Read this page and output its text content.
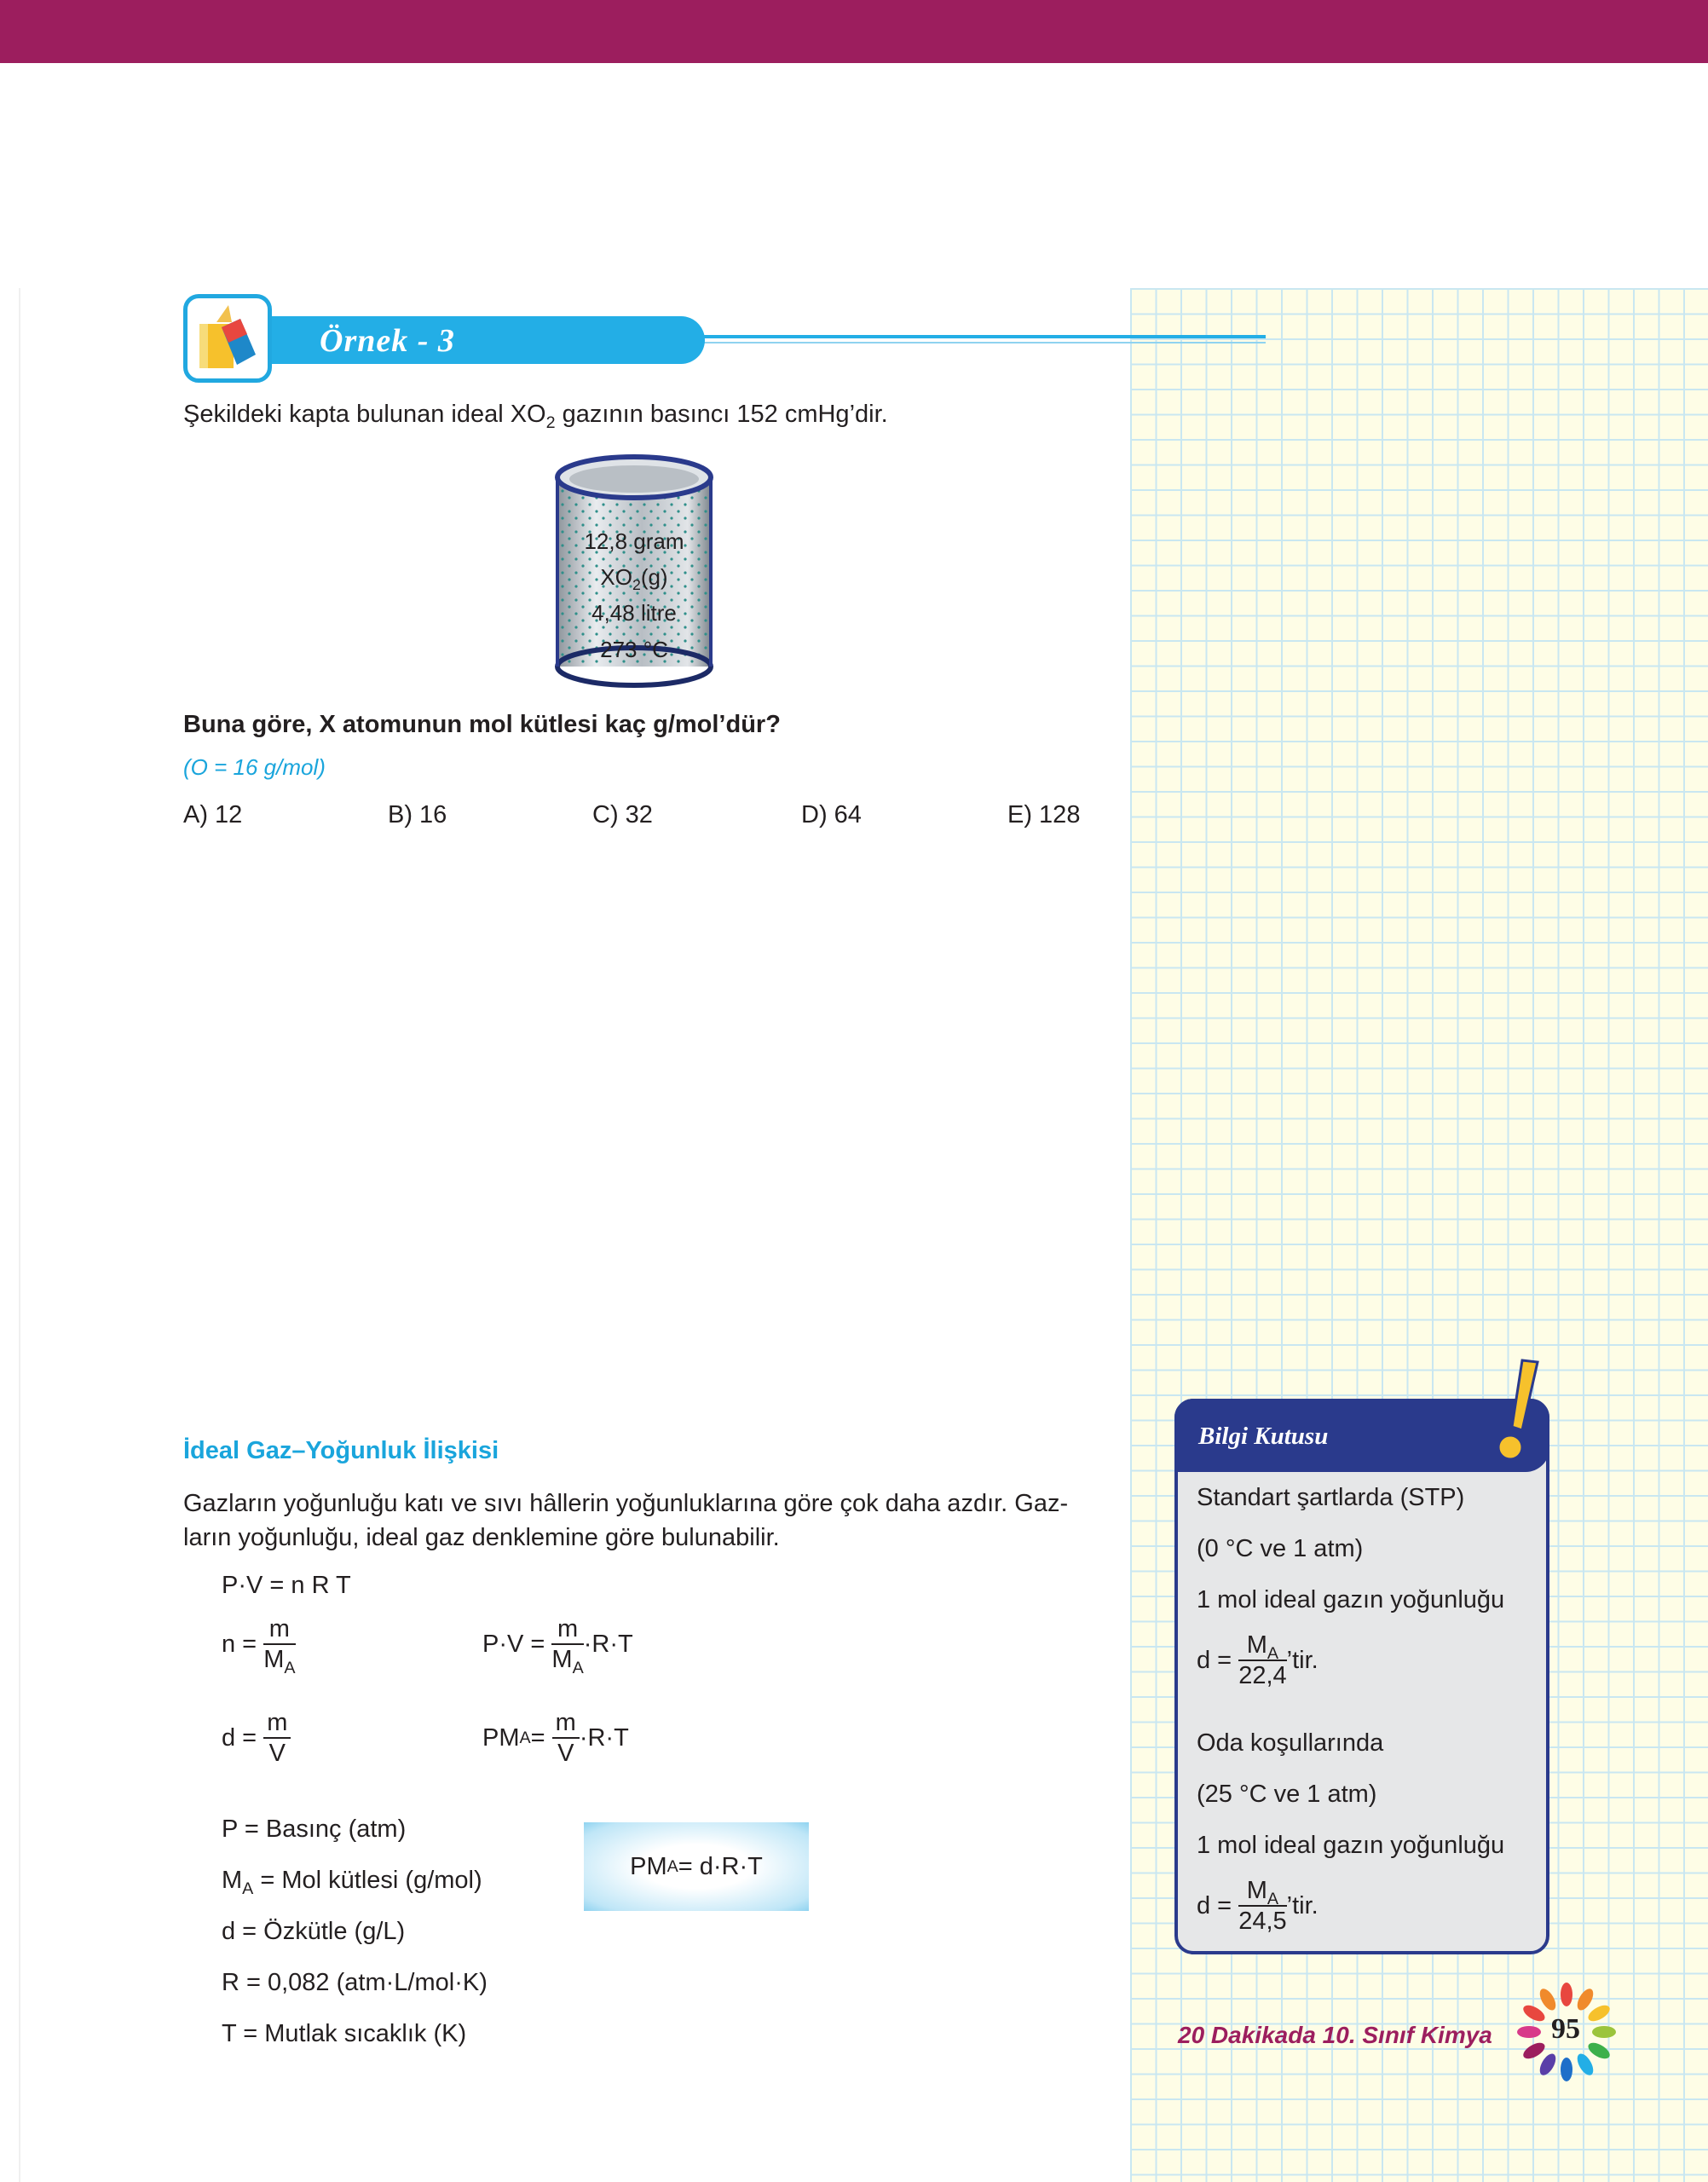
Örnek - 3
Şekildeki kapta bulunan ideal $XO_2$ gazının basıncı 152 cmHg’dir.
12,8 gram
$XO_2(g)$
4,48 litre
273 °C
Buna göre, X atomunun mol kütlesi kaç g/mol’dür?
(O = 16 g/mol)
A) 12	B) 16	C) 32	D) 64	E) 128
İdeal Gaz–Yoğunluk İlişkisi
Gazların yoğunluğu katı ve sıvı hâllerin yoğunluklarına göre çok daha azdır. Gaz-
ların yoğunluğu, ideal gaz denklemine göre bulunabilir.
P·V = n R T
n =
$\frac{m}{M_A}$	P·V =
$\frac{m}{M_A} \cdot R\cdot T$
d =
$\frac{m}{V}$	PM A =
$\frac{m}{V} \cdot R\cdot T$
P = Basınç (atm)
$M_A$ = Mol kütlesi (g/mol)
d = Özkütle (g/L)
R = 0,082 (atm·L/mol·K)
T = Mutlak sıcaklık (K)
PM A = d·R·T
Bilgi Kutusu
Standart şartlarda (STP)
(0 °C ve 1 atm)
1 mol ideal gazın yoğunluğu
d =
$\frac{M_A}{22,4}$ ’tir.
Oda koşullarında
(25 °C ve 1 atm)
1 mol ideal gazın yoğunluğu
d =
$\frac{M_A}{24,5}$ ’tir.
20 Dakikada 10. Sınıf Kimya 95
